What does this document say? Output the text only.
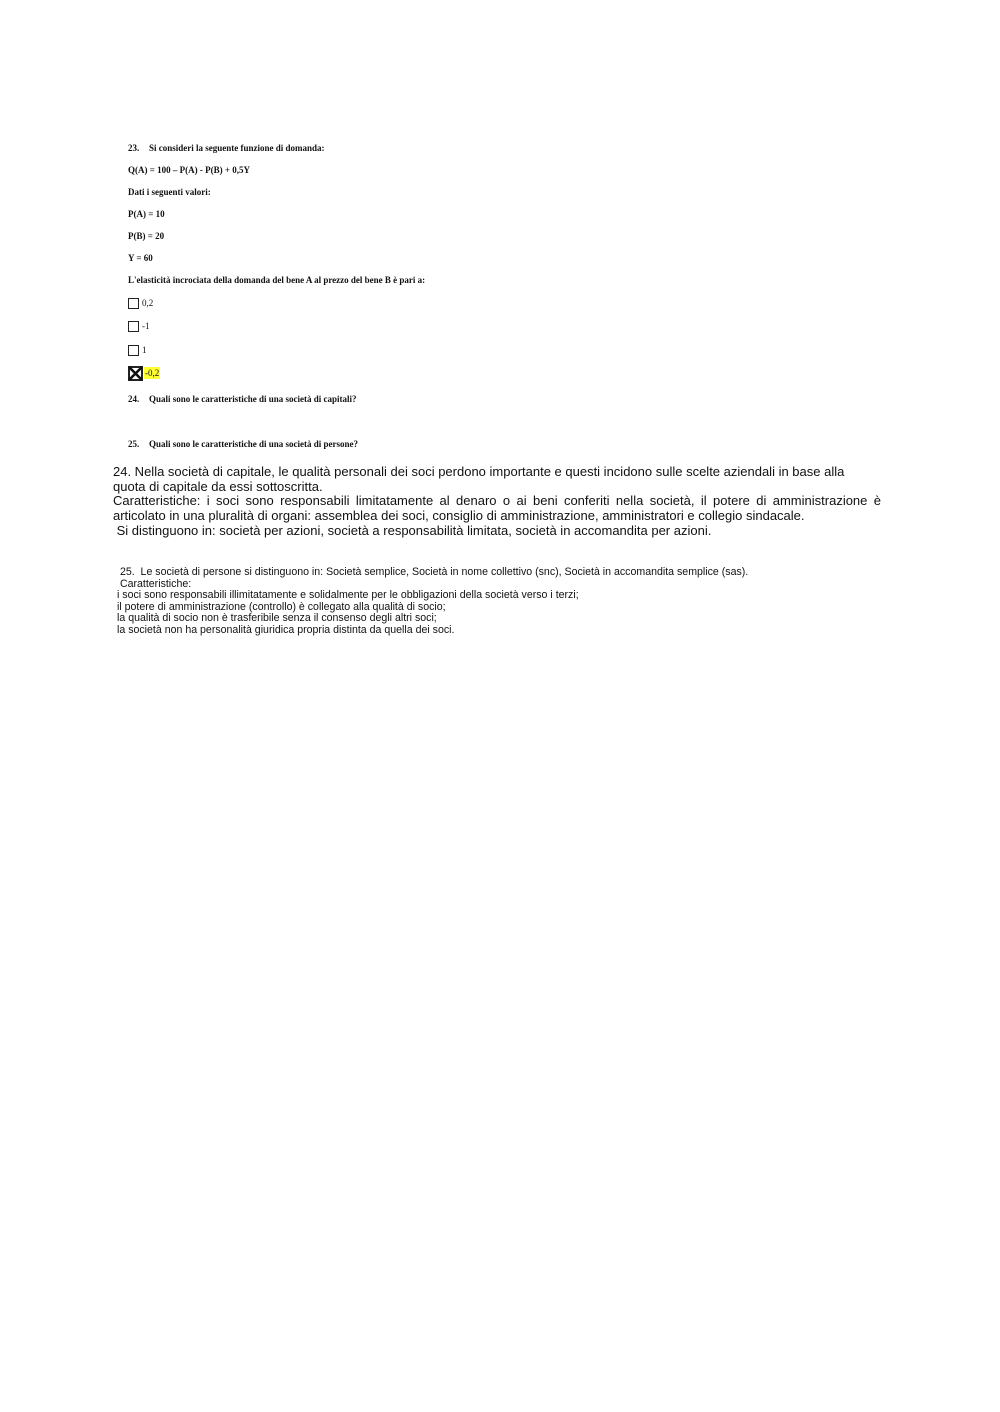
23. Si consideri la seguente funzione di domanda:
Q(A) = 100 – P(A) - P(B) + 0,5Y
Dati i seguenti valori:
P(A) = 10
P(B) = 20
Y = 60
L'elasticità incrociata della domanda del bene A al prezzo del bene B è pari a:
0,2
-1
1
-0,2
24. Quali sono le caratteristiche di una società di capitali?
25. Quali sono le caratteristiche di una società di persone?

24. Nella società di capitale, le qualità personali dei soci perdono importante e questi incidono sulle scelte aziendali in base alla

quota di capitale da essi sottoscritta.

Caratteristiche: i soci sono responsabili limitatamente al denaro o ai beni conferiti nella società, il potere di amministrazione è

articolato in una pluralità di organi: assemblea dei soci, consiglio di amministrazione, amministratori e collegio sindacale.

Si distinguono in: società per azioni, società a responsabilità limitata, società in accomandita per azioni.

25.  Le società di persone si distinguono in: Società semplice, Società in nome collettivo (snc), Società in accomandita semplice (sas).

Caratteristiche:

i soci sono responsabili illimitatamente e solidalmente per le obbligazioni della società verso i terzi;

il potere di amministrazione (controllo) è collegato alla qualità di socio;

la qualità di socio non è trasferibile senza il consenso degli altri soci;

la società non ha personalità giuridica propria distinta da quella dei soci.
